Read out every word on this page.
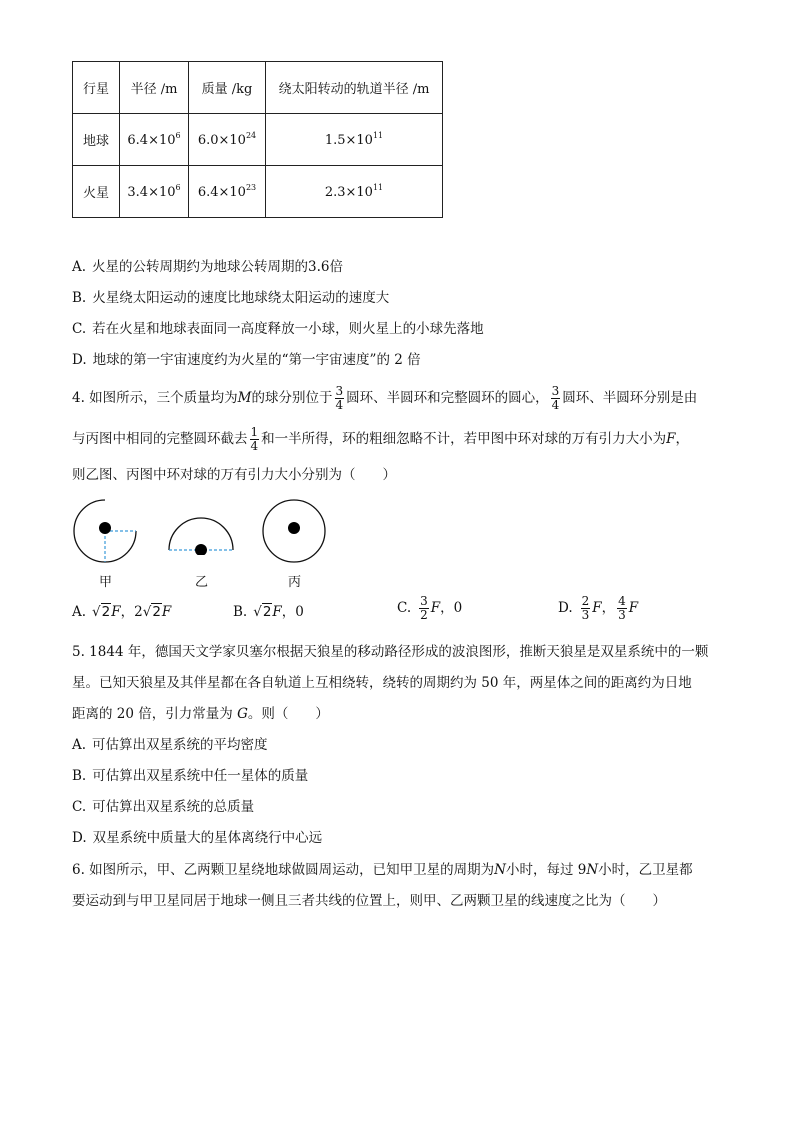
行星	半径 /m	质量 /kg	绕太阳转动的轨道半径 /m
地球	$6.4\times 10^6$	$6.0\times 10^{24}$	$1.5\times 10^{11}$
火星	$3.4\times 10^6$	$6.4\times 10^{23}$	$2.3\times 10^{11}$
A. 火星的公转周期约为地球公转周期的3.6倍
B. 火星绕太阳运动的速度比地球绕太阳运动的速度大
C. 若在火星和地球表面同一高度释放一小球，则火星上的小球先落地
D. 地球的第一宇宙速度约为火星的“第一宇宙速度”的 2 倍
4. 如图所示，三个质量均为M的球分别位于 $\frac{3}{4}$ 圆环、半圆环和完整圆环的圆心， $\frac{3}{4}$ 圆环、半圆环分别是由
与丙图中相同的完整圆环截去 $\frac{1}{4}$ 和一半所得，环的粗细忽略不计，若甲图中环对球的万有引力大小为F，
则乙图、丙图中环对球的万有引力大小分别为（　　）
甲	乙	丙
A. √2F，2√2F	B. √2F，0	C. $\frac{3}{2}$ F，0	D. $\frac{2}{3}$ F， $\frac{4}{3}$ F
5. 1844 年，德国天文学家贝塞尔根据天狼星的移动路径形成的波浪图形，推断天狼星是双星系统中的一颗
星。已知天狼星及其伴星都在各自轨道上互相绕转，绕转的周期约为 50 年，两星体之间的距离约为日地
距离的 20 倍，引力常量为 G。则（　　）
A. 可估算出双星系统的平均密度
B. 可估算出双星系统中任一星体的质量
C. 可估算出双星系统的总质量
D. 双星系统中质量大的星体离绕行中心远
6. 如图所示，甲、乙两颗卫星绕地球做圆周运动，已知甲卫星的周期为N小时，每过 9N小时，乙卫星都
要运动到与甲卫星同居于地球一侧且三者共线的位置上，则甲、乙两颗卫星的线速度之比为（　　）
